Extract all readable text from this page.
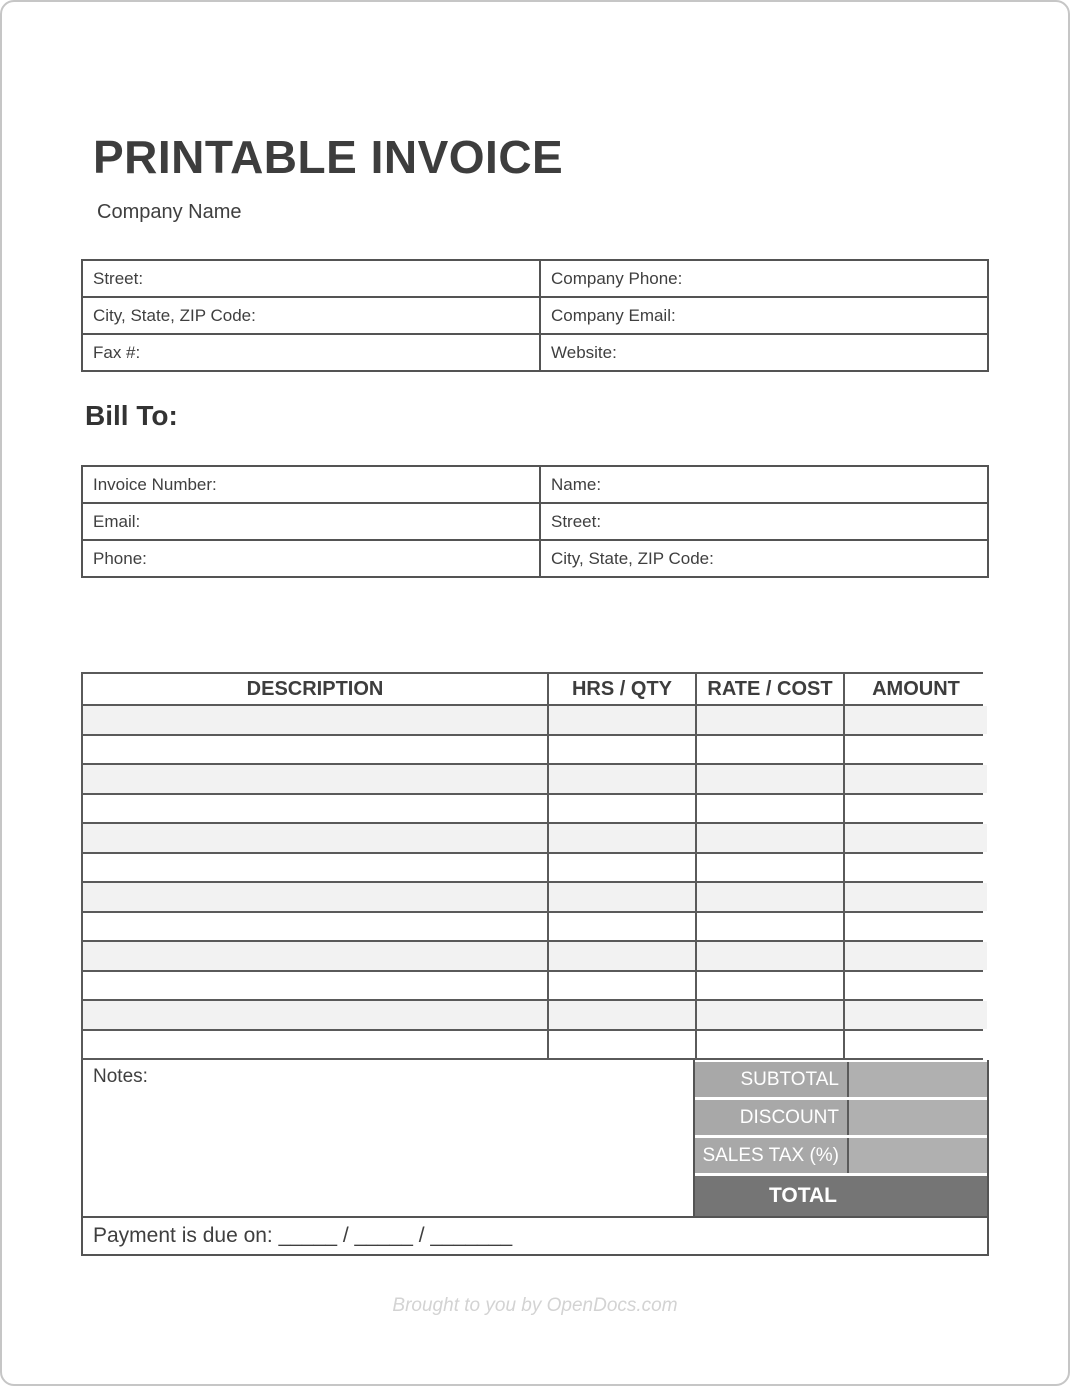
PRINTABLE INVOICE
Company Name
Street:	Company Phone:
City, State, ZIP Code:	Company Email:
Fax #:	Website:
Bill To:
Invoice Number:	Name:
Email:	Street:
Phone:	City, State, ZIP Code:
DESCRIPTION	HRS / QTY	RATE / COST	AMOUNT
Notes:	SUBTOTAL
DISCOUNT
SALES TAX (%)
TOTAL
Payment is due on: _____ / _____ / _______
Brought to you by OpenDocs.com
